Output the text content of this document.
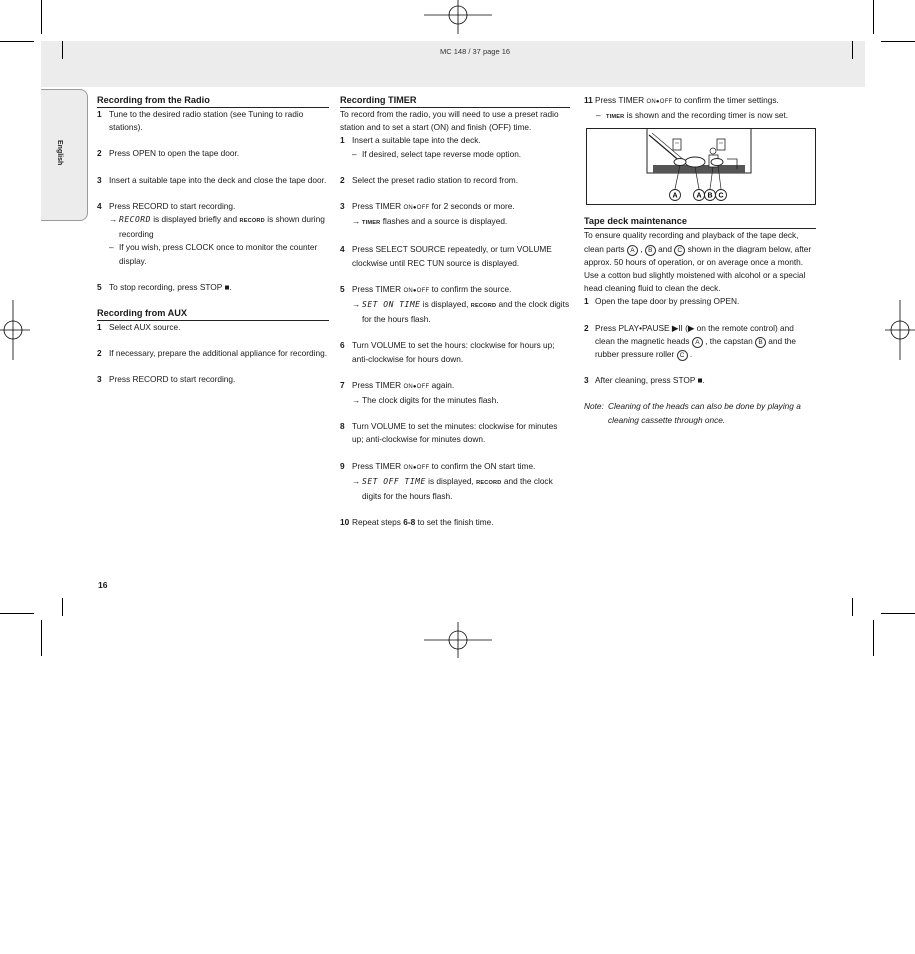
MC 148 / 37 page 16
English
Recording from the Radio
1 Tune to the desired radio station (see Tuning to radio stations).
2 Press OPEN to open the tape door.
3 Insert a suitable tape into the deck and close the tape door.
4 Press RECORD to start recording.
→ RECORD is displayed briefly and RECORD is shown during recording
– If you wish, press CLOCK once to monitor the counter display.
5 To stop recording, press STOP ■.
Recording from AUX
1 Select AUX source.
2 If necessary, prepare the additional appliance for recording.
3 Press RECORD to start recording.
Recording TIMER
To record from the radio, you will need to use a preset radio station and to set a start (ON) and finish (OFF) time.
1 Insert a suitable tape into the deck.
– If desired, select tape reverse mode option.
2 Select the preset radio station to record from.
3 Press TIMER ON●OFF for 2 seconds or more.
→ TIMER flashes and a source is displayed.
4 Press SELECT SOURCE repeatedly, or turn VOLUME clockwise until REC TUN source is displayed.
5 Press TIMER ON●OFF to confirm the source.
→ SET ON TIME is displayed, RECORD and the clock digits for the hours flash.
6 Turn VOLUME to set the hours: clockwise for hours up; anti-clockwise for hours down.
7 Press TIMER ON●OFF again.
→ The clock digits for the minutes flash.
8 Turn VOLUME to set the minutes: clockwise for minutes up; anti-clockwise for minutes down.
9 Press TIMER ON●OFF to confirm the ON start time.
→ SET OFF TIME is displayed, RECORD and the clock digits for the hours flash.
10 Repeat steps 6-8 to set the finish time.
11 Press TIMER ON●OFF to confirm the timer settings.
– TIMER is shown and the recording timer is now set.
A	A B C
Tape deck maintenance
To ensure quality recording and playback of the tape deck, clean parts A , B and C shown in the diagram below, after approx. 50 hours of operation, or on average once a month. Use a cotton bud slightly moistened with alcohol or a special head cleaning fluid to clean the deck.
1 Open the tape door by pressing OPEN.
2 Press PLAY•PAUSE ▶II (▶ on the remote control) and clean the magnetic heads A , the capstan B and the rubber pressure roller C .
3 After cleaning, press STOP ■.
Note: Cleaning of the heads can also be done by playing a cleaning cassette through once.
16
